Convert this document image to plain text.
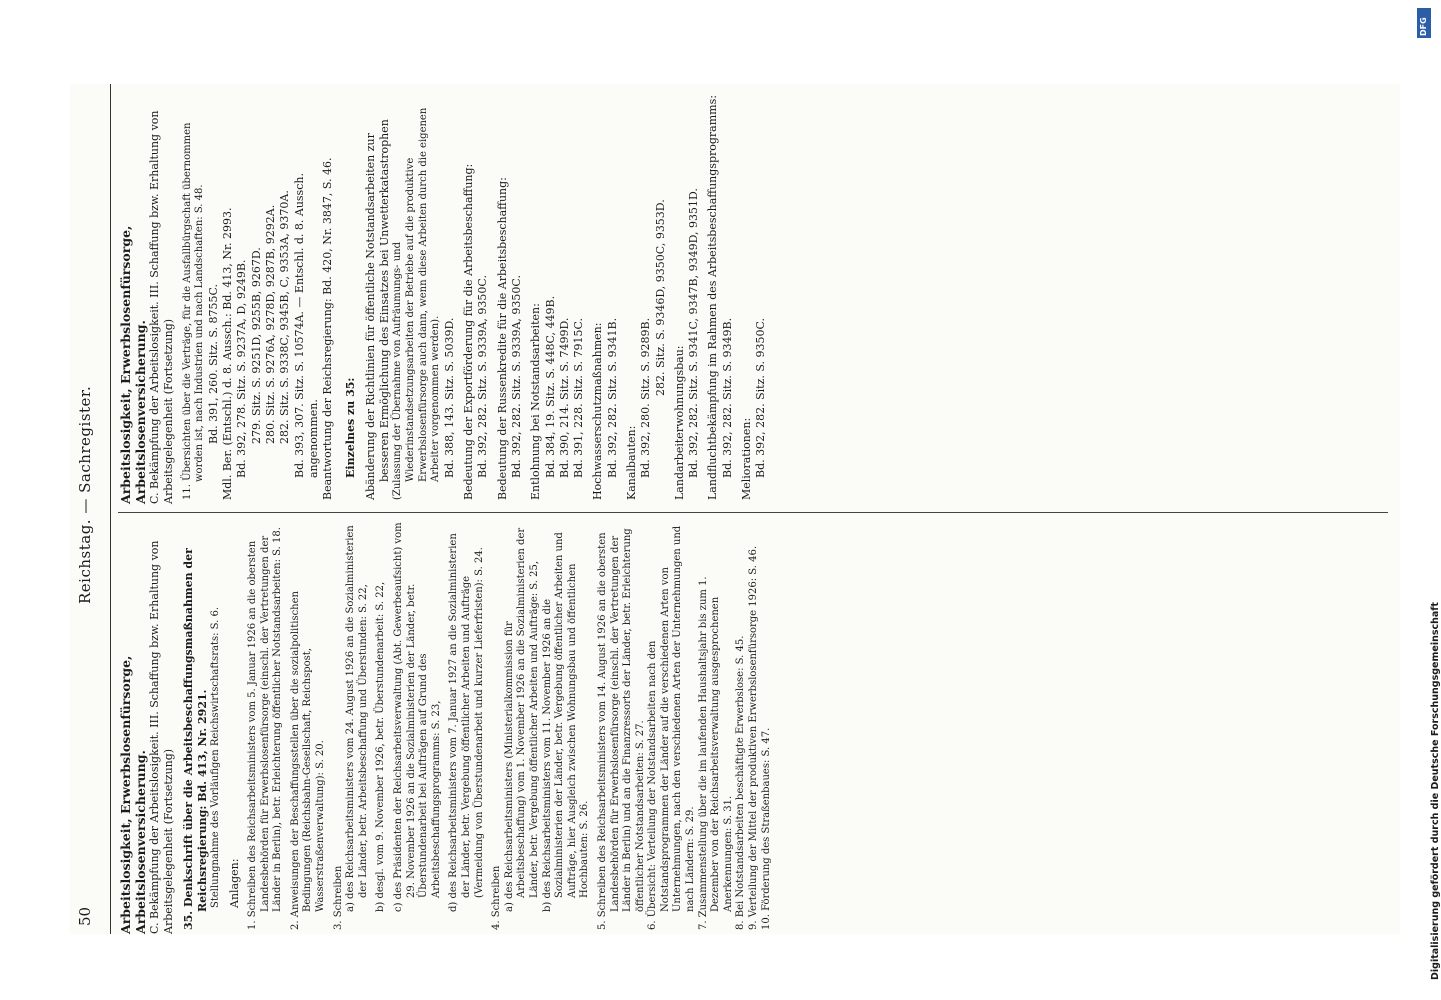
50
Reichstag. — Sachregister.

Arbeitslosigkeit, Erwerbslosenfürsorge, Arbeitslosenversicherung. C. Bekämpfung der Arbeitslosigkeit. III. Schaffung bzw. Erhaltung von Arbeitsgelegenheit (Fortsetzung) 35. Denkschrift über die Arbeitsbeschaffungsmaßnahmen der Reichsregierung: Bd. 413, Nr. 2921. Stellungnahme des Vorläufigen Reichswirtschaftsrats: S. 6. Anlagen: 1. Schreiben des Reichsarbeitsministers vom 5. Januar 1926 an die obersten Landesbehörden für Erwerbslosenfürsorge (einschl. der Vertretungen der Länder in Berlin), betr. Erleichterung öffentlicher Notstandsarbeiten: S. 18. 2. Anweisungen der Beschaffungsstellen über die sozialpolitischen Bedingungen (Reichsbahn-Gesellschaft, Reichspost, Wasserstraßenverwaltung): S. 20. 3. Schreiben a) des Reichsarbeitsministers vom 24. August 1926 an die Sozialministerien der Länder, betr. Arbeitsbeschaffung und Überstunden: S. 22, b) desgl. vom 9. November 1926, betr. Überstundenarbeit: S. 22, c) des Präsidenten der Reichsarbeitsverwaltung (Abt. Gewerbeaufsicht) vom 29. November 1926 an die Sozialministerien der Länder, betr. Überstundenarbeit bei Aufträgen auf Grund des Arbeitsbeschaffungsprogramms: S. 23, d) des Reichsarbeitsministers vom 7. Januar 1927 an die Sozialministerien der Länder, betr. Vergebung öffentlicher Arbeiten und Aufträge (Vermeidung von Überstundenarbeit und kurzer Lieferfristen): S. 24. 4. Schreiben a) des Reichsarbeitsministers (Ministerialkommission für Arbeitsbeschaffung) vom 1. November 1926 an die Sozialministerien der Länder, betr. Vergebung öffentlicher Arbeiten und Aufträge: S. 25, b) des Reichsarbeitsministers vom 11. November 1926 an die Sozialministerien der Länder, betr. Vergebung öffentlicher Arbeiten und Aufträge, hier Ausgleich zwischen Wohnungsbau und öffentlichen Hochbauten: S. 26. 5. Schreiben des Reichsarbeitsministers vom 14. August 1926 an die obersten Landesbehörden für Erwerbslosenfürsorge (einschl. der Vertretungen der Länder in Berlin) und an die Finanzressorts der Länder, betr. Erleichterung öffentlicher Notstandsarbeiten: S. 27. 6. Übersicht: Verteilung der Notstandsarbeiten nach den Notstandsprogrammen der Länder auf die verschiedenen Arten von Unternehmungen, nach den verschiedenen Arten der Unternehmungen und nach Ländern: S. 29. 7. Zusammenstellung über die im laufenden Haushaltsjahr bis zum 1. Dezember von der Reichsarbeitsverwaltung ausgesprochenen Anerkennungen: S. 31. 8. Bei Notstandsarbeiten beschäftigte Erwerbslose: S. 45. 9. Verteilung der Mittel der produktiven Erwerbslosenfürsorge 1926: S. 46. 10. Förderung des Straßenbaues: S. 47.

Arbeitslosigkeit, Erwerbslosenfürsorge, Arbeitslosenversicherung. C. Bekämpfung der Arbeitslosigkeit. III. Schaffung bzw. Erhaltung von Arbeitsgelegenheit (Fortsetzung) 11. Übersichten über die Verträge, für die Ausfallbürgschaft übernommen worden ist, nach Industrien und nach Landschaften: S. 48. Bd. 391, 260. Sitz. S. 8755C. Mdl. Ber. (Entschl.) d. 8. Aussch.: Bd. 413, Nr. 2993. Bd. 392, 278. Sitz. S. 9237A, D, 9249B. 279. Sitz. S. 9251D, 9255B, 9267D. 280. Sitz. S. 9276A, 9278D, 9287B, 9292A. 282. Sitz. S. 9338C, 9345B, C, 9353A, 9370A. Bd. 393, 307. Sitz. S. 10574A. — Entschl. d. 8. Aussch. angenommen. Beantwortung der Reichsregierung: Bd. 420, Nr. 3847, S. 46. Einzelnes zu 35: Abänderung der Richtlinien für öffentliche Notstandsarbeiten zur besseren Ermöglichung des Einsatzes bei Unwetterkatastrophen (Zulassung der Übernahme von Aufräumungs- und Wiederinstandsetzungsarbeiten der Betriebe auf die produktive Erwerbslosenfürsorge auch dann, wenn diese Arbeiten durch die eigenen Arbeiter vorgenommen werden). Bd. 388, 143. Sitz. S. 5039D. Bedeutung der Exportförderung für die Arbeitsbeschaffung: Bd. 392, 282. Sitz. S. 9339A, 9350C. Bedeutung der Russenkredite für die Arbeitsbeschaffung: Bd. 392, 282. Sitz. S. 9339A, 9350C. Entlohnung bei Notstandsarbeiten: Bd. 384, 19. Sitz. S. 448C, 449B. Bd. 390, 214. Sitz. S. 7499D. Bd. 391, 228. Sitz. S. 7915C. Hochwasserschutzmaßnahmen: Bd. 392, 282. Sitz. S. 9341B. Kanalbauten: Bd. 392, 280. Sitz. S. 9289B.

282. Sitz. S. 9346D, 9350C, 9353D.

Landarbeiterwohnungsbau: Bd. 392, 282. Sitz. S. 9341C, 9347B, 9349D, 9351D. Landfluchtbekämpfung im Rahmen des Arbeitsbeschaffungsprogramms: Bd. 392, 282. Sitz. S. 9349B. Meliorationen: Bd. 392, 282. Sitz. S. 9350C.

DFG
Digitalisierung gefördert durch die Deutsche Forschungsgemeinschaft
